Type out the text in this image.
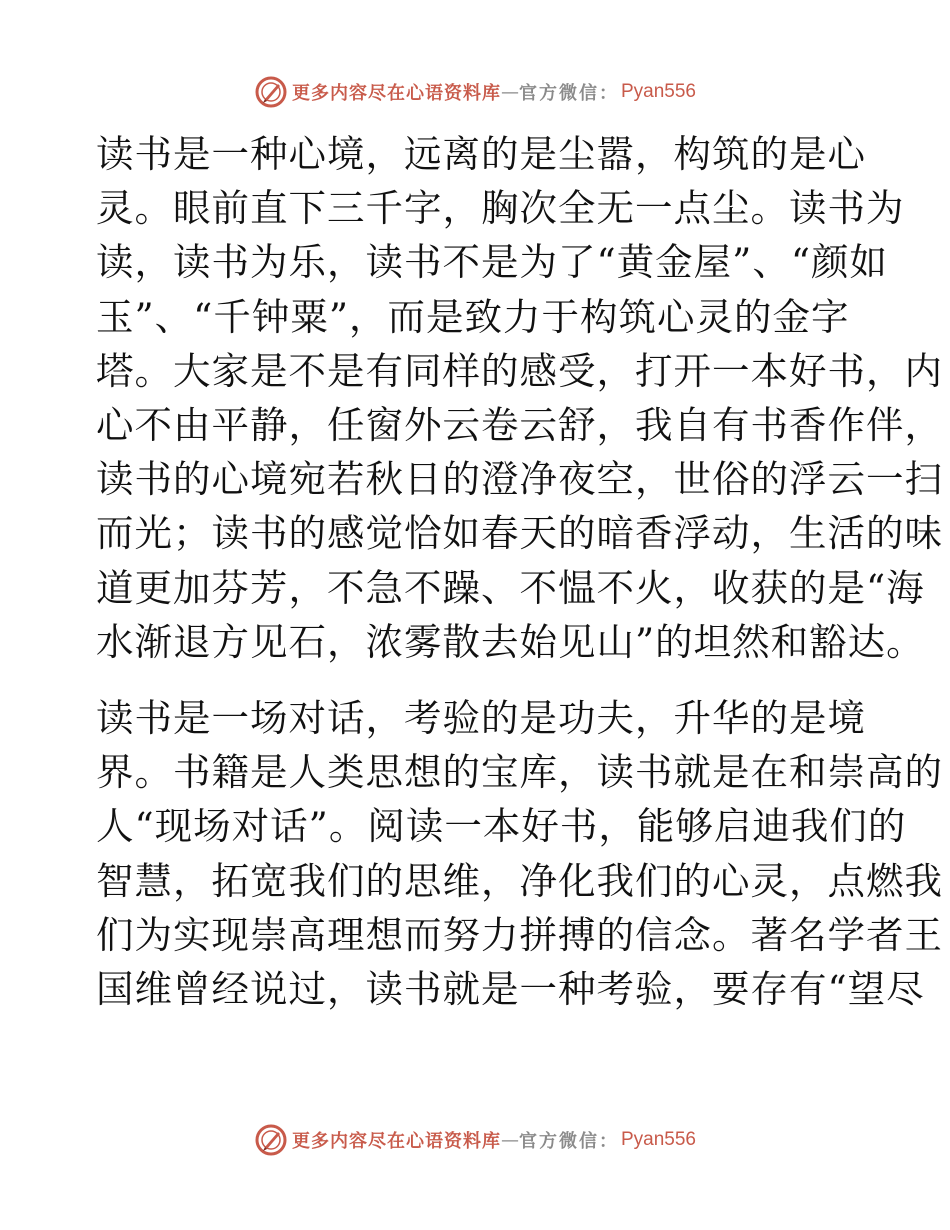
更多内容尽在心语资料库 — 官方微信： Pyan556

读书是一种心境，远离的是尘嚣，构筑的是心
灵。眼前直下三千字，胸次全无一点尘。读书为
读，读书为乐，读书不是为了“黄金屋”、“颜如
玉”、“千钟粟”，而是致力于构筑心灵的金字
塔。大家是不是有同样的感受，打开一本好书，内
心不由平静，任窗外云卷云舒，我自有书香作伴，
读书的心境宛若秋日的澄净夜空，世俗的浮云一扫
而光；读书的感觉恰如春天的暗香浮动，生活的味
道更加芬芳，不急不躁、不愠不火，收获的是“海
水渐退方见石，浓雾散去始见山”的坦然和豁达。

读书是一场对话，考验的是功夫，升华的是境
界。书籍是人类思想的宝库，读书就是在和崇高的
人“现场对话”。阅读一本好书，能够启迪我们的
智慧，拓宽我们的思维，净化我们的心灵，点燃我
们为实现崇高理想而努力拼搏的信念。著名学者王
国维曾经说过，读书就是一种考验，要存有“望尽

更多内容尽在心语资料库 — 官方微信： Pyan556
